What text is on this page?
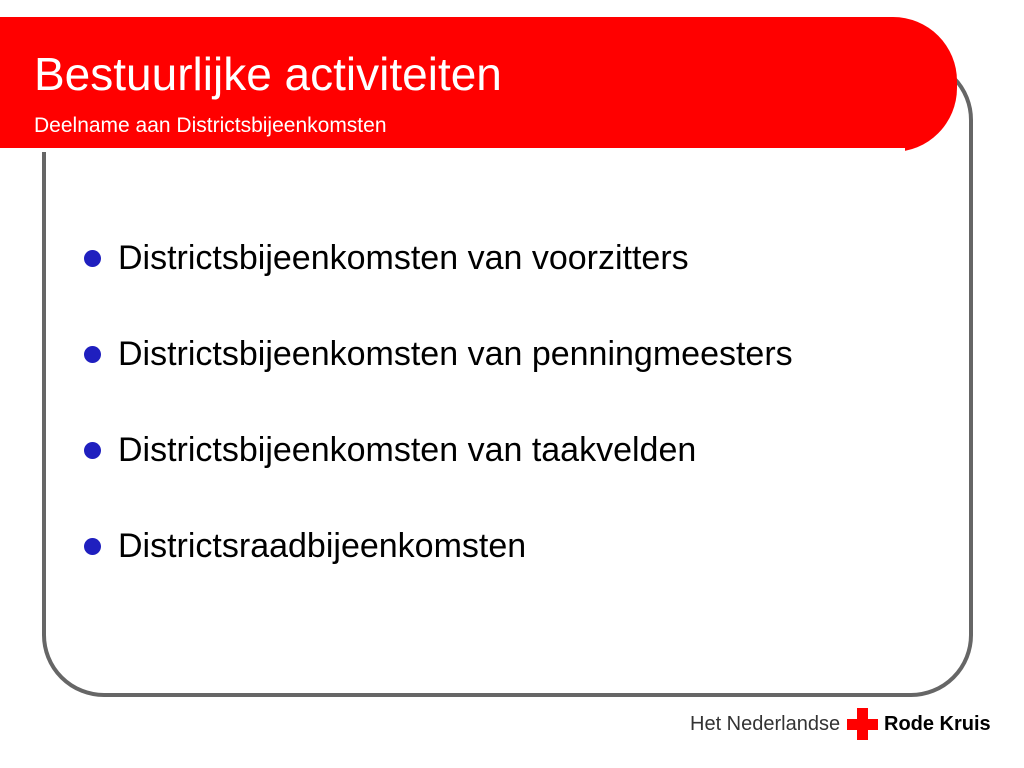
Bestuurlijke activiteiten
Deelname aan Districtsbijeenkomsten
Districtsbijeenkomsten van voorzitters
Districtsbijeenkomsten van penningmeesters
Districtsbijeenkomsten van taakvelden
Districtsraadbijeenkomsten
Het Nederlandse Rode Kruis
